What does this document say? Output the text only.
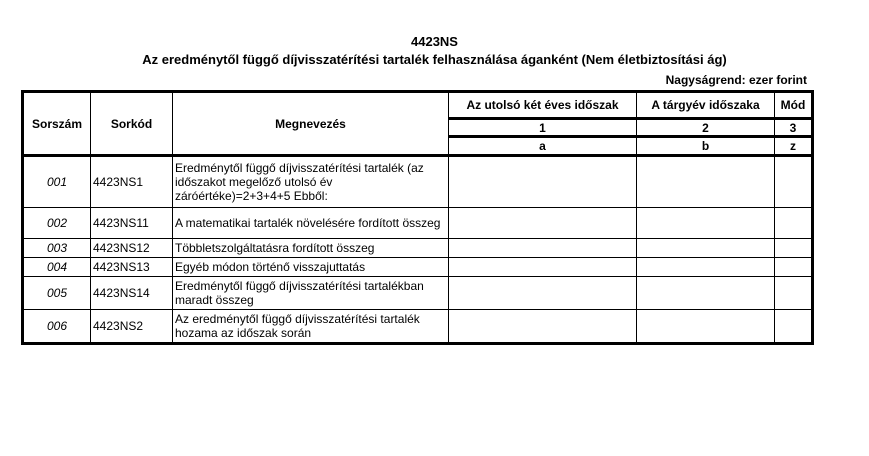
4423NS
Az eredménytől függő díjvisszatérítési tartalék felhasználása áganként (Nem életbiztosítási ág)
Nagyságrend: ezer forint
Sorszám	Sorkód	Megnevezés	Az utolsó két éves időszak	A tárgyév időszaka	Mód
			1	2	3
			a	b	z
001	4423NS1	Eredménytől függő díjvisszatérítési tartalék (az időszakot megelőző utolsó év záróértéke)=2+3+4+5 Ebből:			
002	4423NS11	A matematikai tartalék növelésére fordított összeg			
003	4423NS12	Többletszolgáltatásra fordított összeg			
004	4423NS13	Egyéb módon történő visszajuttatás			
005	4423NS14	Eredménytől függő díjvisszatérítési tartalékban maradt összeg			
006	4423NS2	Az eredménytől függő díjvisszatérítési tartalék hozama az időszak során			
